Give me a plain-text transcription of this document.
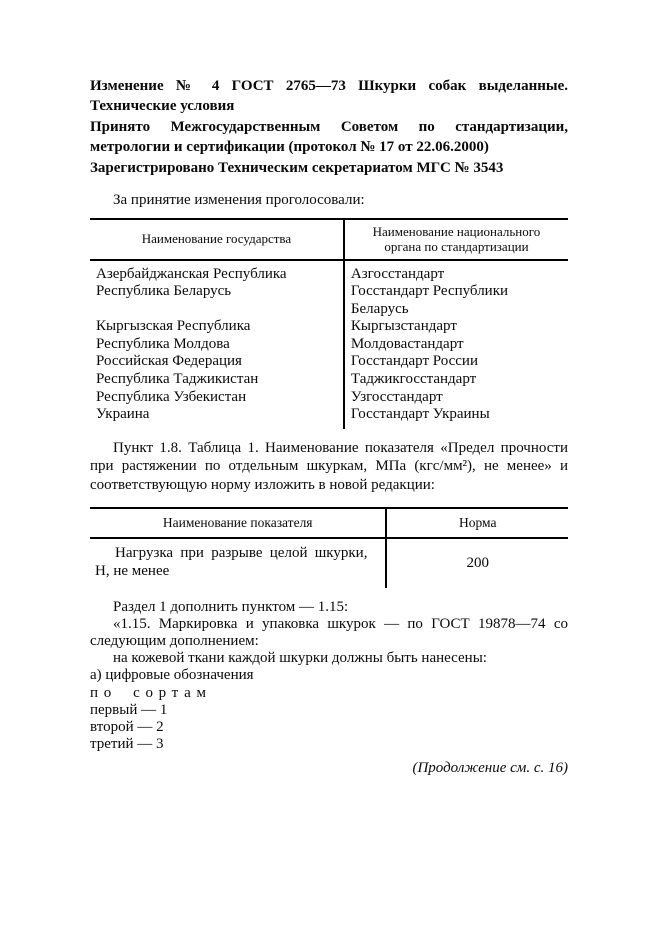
Изменение № 4 ГОСТ 2765—73 Шкурки собак выделанные. Технические условия

Принято Межгосударственным Советом по стандартизации, метрологии и сертификации (протокол № 17 от 22.06.2000)

Зарегистрировано Техническим секретариатом МГС № 3543

За принятие изменения проголосовали:

Наименование государства	Наименование национального
органа по стандартизации

Азербайджанская Республика	Азгосстандарт
Республика Беларусь	Госстандарт Республики Беларусь
Кыргызская Республика	Кыргызстандарт
Республика Молдова	Молдовастандарт
Российская Федерация	Госстандарт России
Республика Таджикистан	Таджикгосстандарт
Республика Узбекистан	Узгосстандарт
Украина	Госстандарт Украины

Пункт 1.8. Таблица 1. Наименование показателя «Предел прочности при растяжении по отдельным шкуркам, МПа (кгс/мм²), не менее» и соответствующую норму изложить в новой редакции:

Наименование показателя	Норма
Нагрузка при разрыве целой шкурки, Н, не менее	200

Раздел 1 дополнить пунктом — 1.15:

«1.15. Маркировка и упаковка шкурок — по ГОСТ 19878—74 со следующим дополнением:

на кожевой ткани каждой шкурки должны быть нанесены:

а) цифровые обозначения

по сортам

первый — 1

второй — 2

третий — 3

(Продолжение см. с. 16)
